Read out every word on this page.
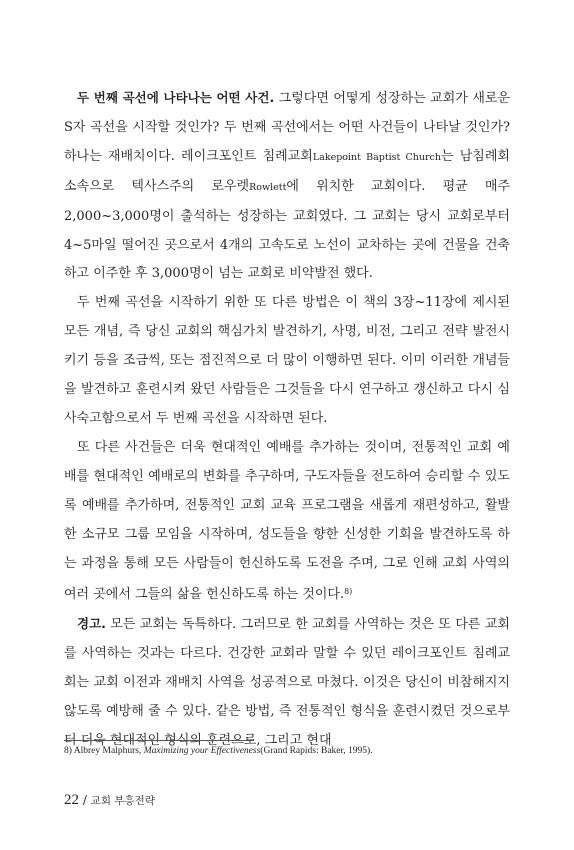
두 번째 곡선에 나타나는 어떤 사건. 그렇다면 어떻게 성장하는 교회가 새로운 S자 곡선을 시작할 것인가? 두 번째 곡선에서는 어떤 사건들이 나타날 것인가? 하나는 재배치이다. 레이크포인트 침례교회Lakepoint Baptist Church는 남침례회 소속으로 텍사스주의 로우렛Rowlett에 위치한 교회이다. 평균 매주 2,000~3,000명이 출석하는 성장하는 교회였다. 그 교회는 당시 교회로부터 4~5마일 떨어진 곳으로서 4개의 고속도로 노선이 교차하는 곳에 건물을 건축하고 이주한 후 3,000명이 넘는 교회로 비약발전 했다.

두 번째 곡선을 시작하기 위한 또 다른 방법은 이 책의 3장~11장에 제시된 모든 개념, 즉 당신 교회의 핵심가치 발견하기, 사명, 비전, 그리고 전략 발전시키기 등을 조금씩, 또는 점진적으로 더 많이 이행하면 된다. 이미 이러한 개념들을 발견하고 훈련시켜 왔던 사람들은 그것들을 다시 연구하고 갱신하고 다시 심사숙고함으로서 두 번째 곡선을 시작하면 된다.

또 다른 사건들은 더욱 현대적인 예배를 추가하는 것이며, 전통적인 교회 예배를 현대적인 예배로의 변화를 추구하며, 구도자들을 전도하여 승리할 수 있도록 예배를 추가하며, 전통적인 교회 교육 프로그램을 새롭게 재편성하고, 활발한 소규모 그룹 모임을 시작하며, 성도들을 향한 신성한 기회을 발견하도록 하는 과정을 통해 모든 사람들이 헌신하도록 도전을 주며, 그로 인해 교회 사역의 여러 곳에서 그들의 삶을 헌신하도록 하는 것이다.$^{8)}$

경고. 모든 교회는 독특하다. 그러므로 한 교회를 사역하는 것은 또 다른 교회를 사역하는 것과는 다르다. 건강한 교회라 말할 수 있던 레이크포인트 침례교회는 교회 이전과 재배치 사역을 성공적으로 마쳤다. 이것은 당신이 비참해지지 않도록 예방해 줄 수 있다. 같은 방법, 즉 전통적인 형식을 훈련시켰던 것으로부터 더욱 현대적인 형식의 훈련으로, 그리고 현대

8) Albrey Malphurs, Maximizing your Effectiveness(Grand Rapids: Baker, 1995).
22 / 교회 부흥전략
